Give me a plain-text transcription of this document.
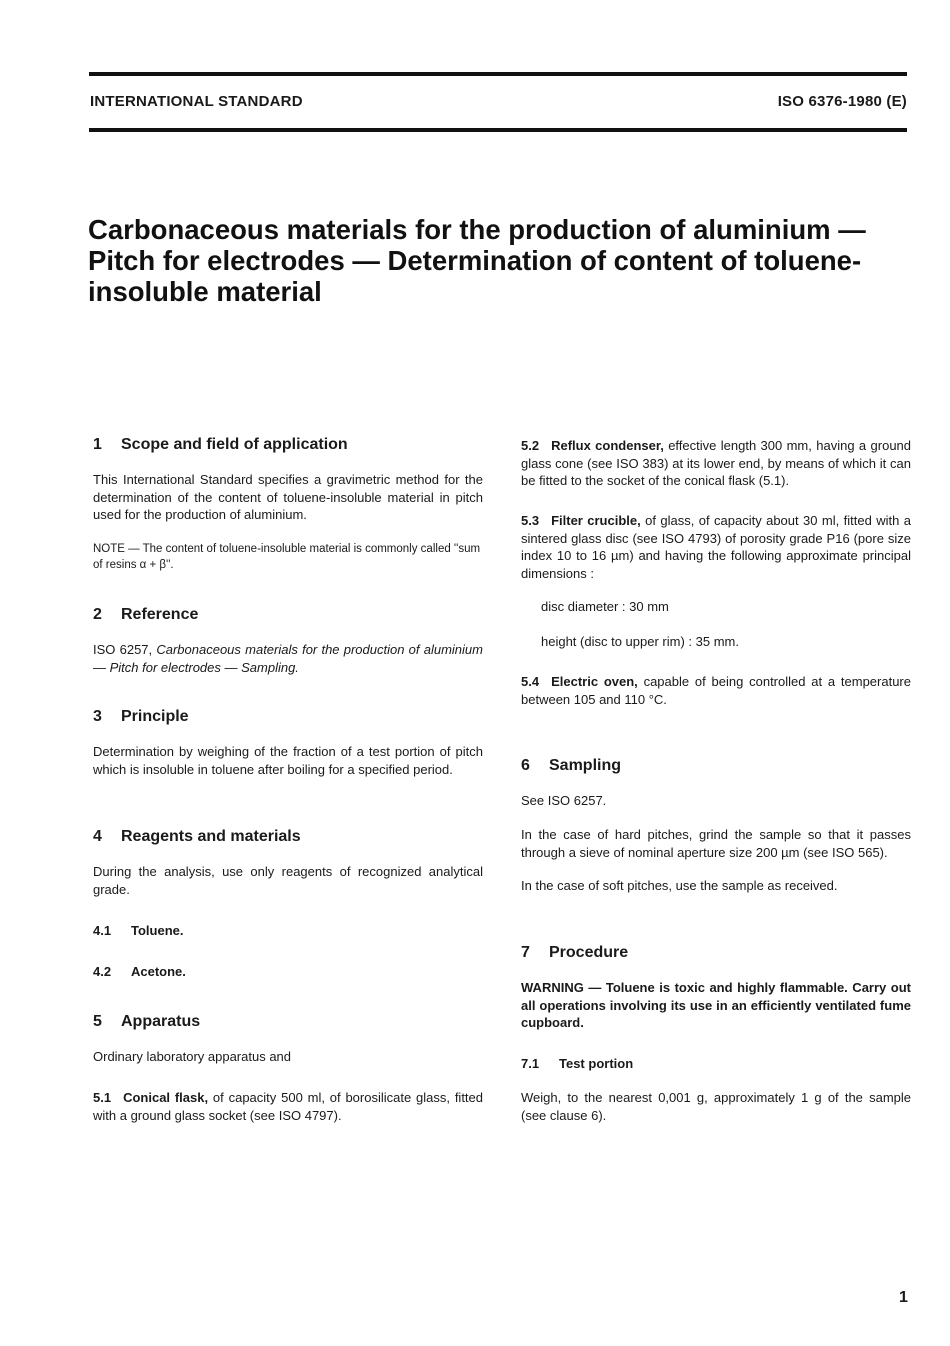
INTERNATIONAL STANDARD	ISO 6376-1980 (E)
Carbonaceous materials for the production of aluminium — Pitch for electrodes — Determination of content of toluene-insoluble material
1 Scope and field of application
This International Standard specifies a gravimetric method for the determination of the content of toluene-insoluble material in pitch used for the production of aluminium.
NOTE — The content of toluene-insoluble material is commonly called ''sum of resins α + β''.
2 Reference
ISO 6257, Carbonaceous materials for the production of aluminium — Pitch for electrodes — Sampling.
3 Principle
Determination by weighing of the fraction of a test portion of pitch which is insoluble in toluene after boiling for a specified period.
4 Reagents and materials
During the analysis, use only reagents of recognized analytical grade.
4.1 Toluene.
4.2 Acetone.
5 Apparatus
Ordinary laboratory apparatus and
5.1 Conical flask, of capacity 500 ml, of borosilicate glass, fitted with a ground glass socket (see ISO 4797).
5.2 Reflux condenser, effective length 300 mm, having a ground glass cone (see ISO 383) at its lower end, by means of which it can be fitted to the socket of the conical flask (5.1).
5.3 Filter crucible, of glass, of capacity about 30 ml, fitted with a sintered glass disc (see ISO 4793) of porosity grade P16 (pore size index 10 to 16 µm) and having the following approximate principal dimensions :
disc diameter : 30 mm
height (disc to upper rim) : 35 mm.
5.4 Electric oven, capable of being controlled at a temperature between 105 and 110 °C.
6 Sampling
See ISO 6257.
In the case of hard pitches, grind the sample so that it passes through a sieve of nominal aperture size 200 µm (see ISO 565).
In the case of soft pitches, use the sample as received.
7 Procedure
WARNING — Toluene is toxic and highly flammable. Carry out all operations involving its use in an efficiently ventilated fume cupboard.
7.1 Test portion
Weigh, to the nearest 0,001 g, approximately 1 g of the sample (see clause 6).
1
